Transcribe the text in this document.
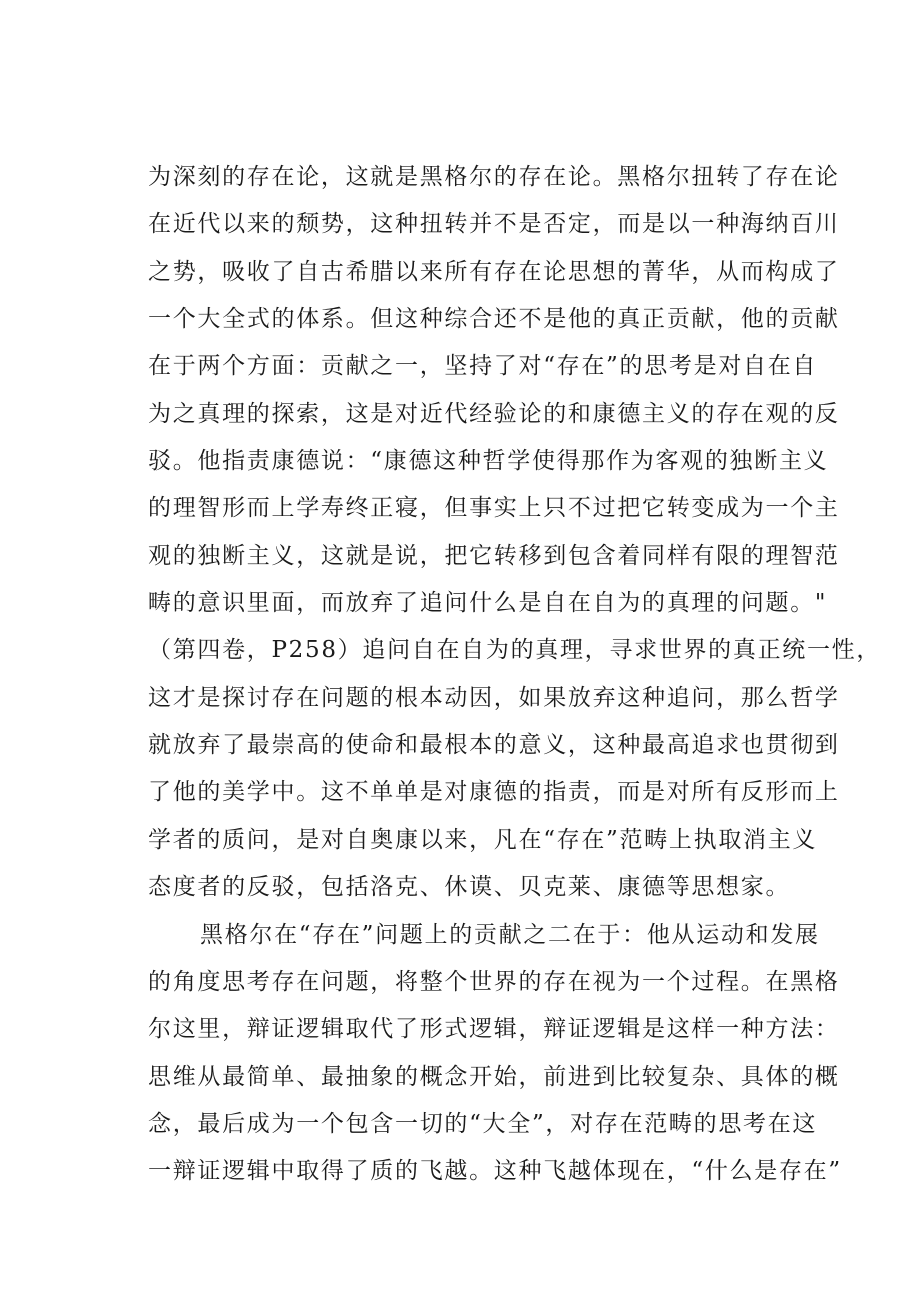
为深刻的存在论，这就是黑格尔的存在论。黑格尔扭转了存在论
在近代以来的颓势，这种扭转并不是否定，而是以一种海纳百川
之势，吸收了自古希腊以来所有存在论思想的菁华，从而构成了
一个大全式的体系。但这种综合还不是他的真正贡献，他的贡献
在于两个方面：贡献之一，坚持了对“存在”的思考是对自在自
为之真理的探索，这是对近代经验论的和康德主义的存在观的反
驳。他指责康德说：“康德这种哲学使得那作为客观的独断主义
的理智形而上学寿终正寝，但事实上只不过把它转变成为一个主
观的独断主义，这就是说，把它转移到包含着同样有限的理智范
畴的意识里面，而放弃了追问什么是自在自为的真理的问题。"
（第四卷，P258）追问自在自为的真理，寻求世界的真正统一性，
这才是探讨存在问题的根本动因，如果放弃这种追问，那么哲学
就放弃了最崇高的使命和最根本的意义，这种最高追求也贯彻到
了他的美学中。这不单单是对康德的指责，而是对所有反形而上
学者的质问，是对自奥康以来，凡在“存在”范畴上执取消主义
态度者的反驳，包括洛克、休谟、贝克莱、康德等思想家。
黑格尔在“存在”问题上的贡献之二在于：他从运动和发展
的角度思考存在问题，将整个世界的存在视为一个过程。在黑格
尔这里，辩证逻辑取代了形式逻辑，辩证逻辑是这样一种方法：
思维从最简单、最抽象的概念开始，前进到比较复杂、具体的概
念，最后成为一个包含一切的“大全”，对存在范畴的思考在这
一辩证逻辑中取得了质的飞越。这种飞越体现在，“什么是存在”
